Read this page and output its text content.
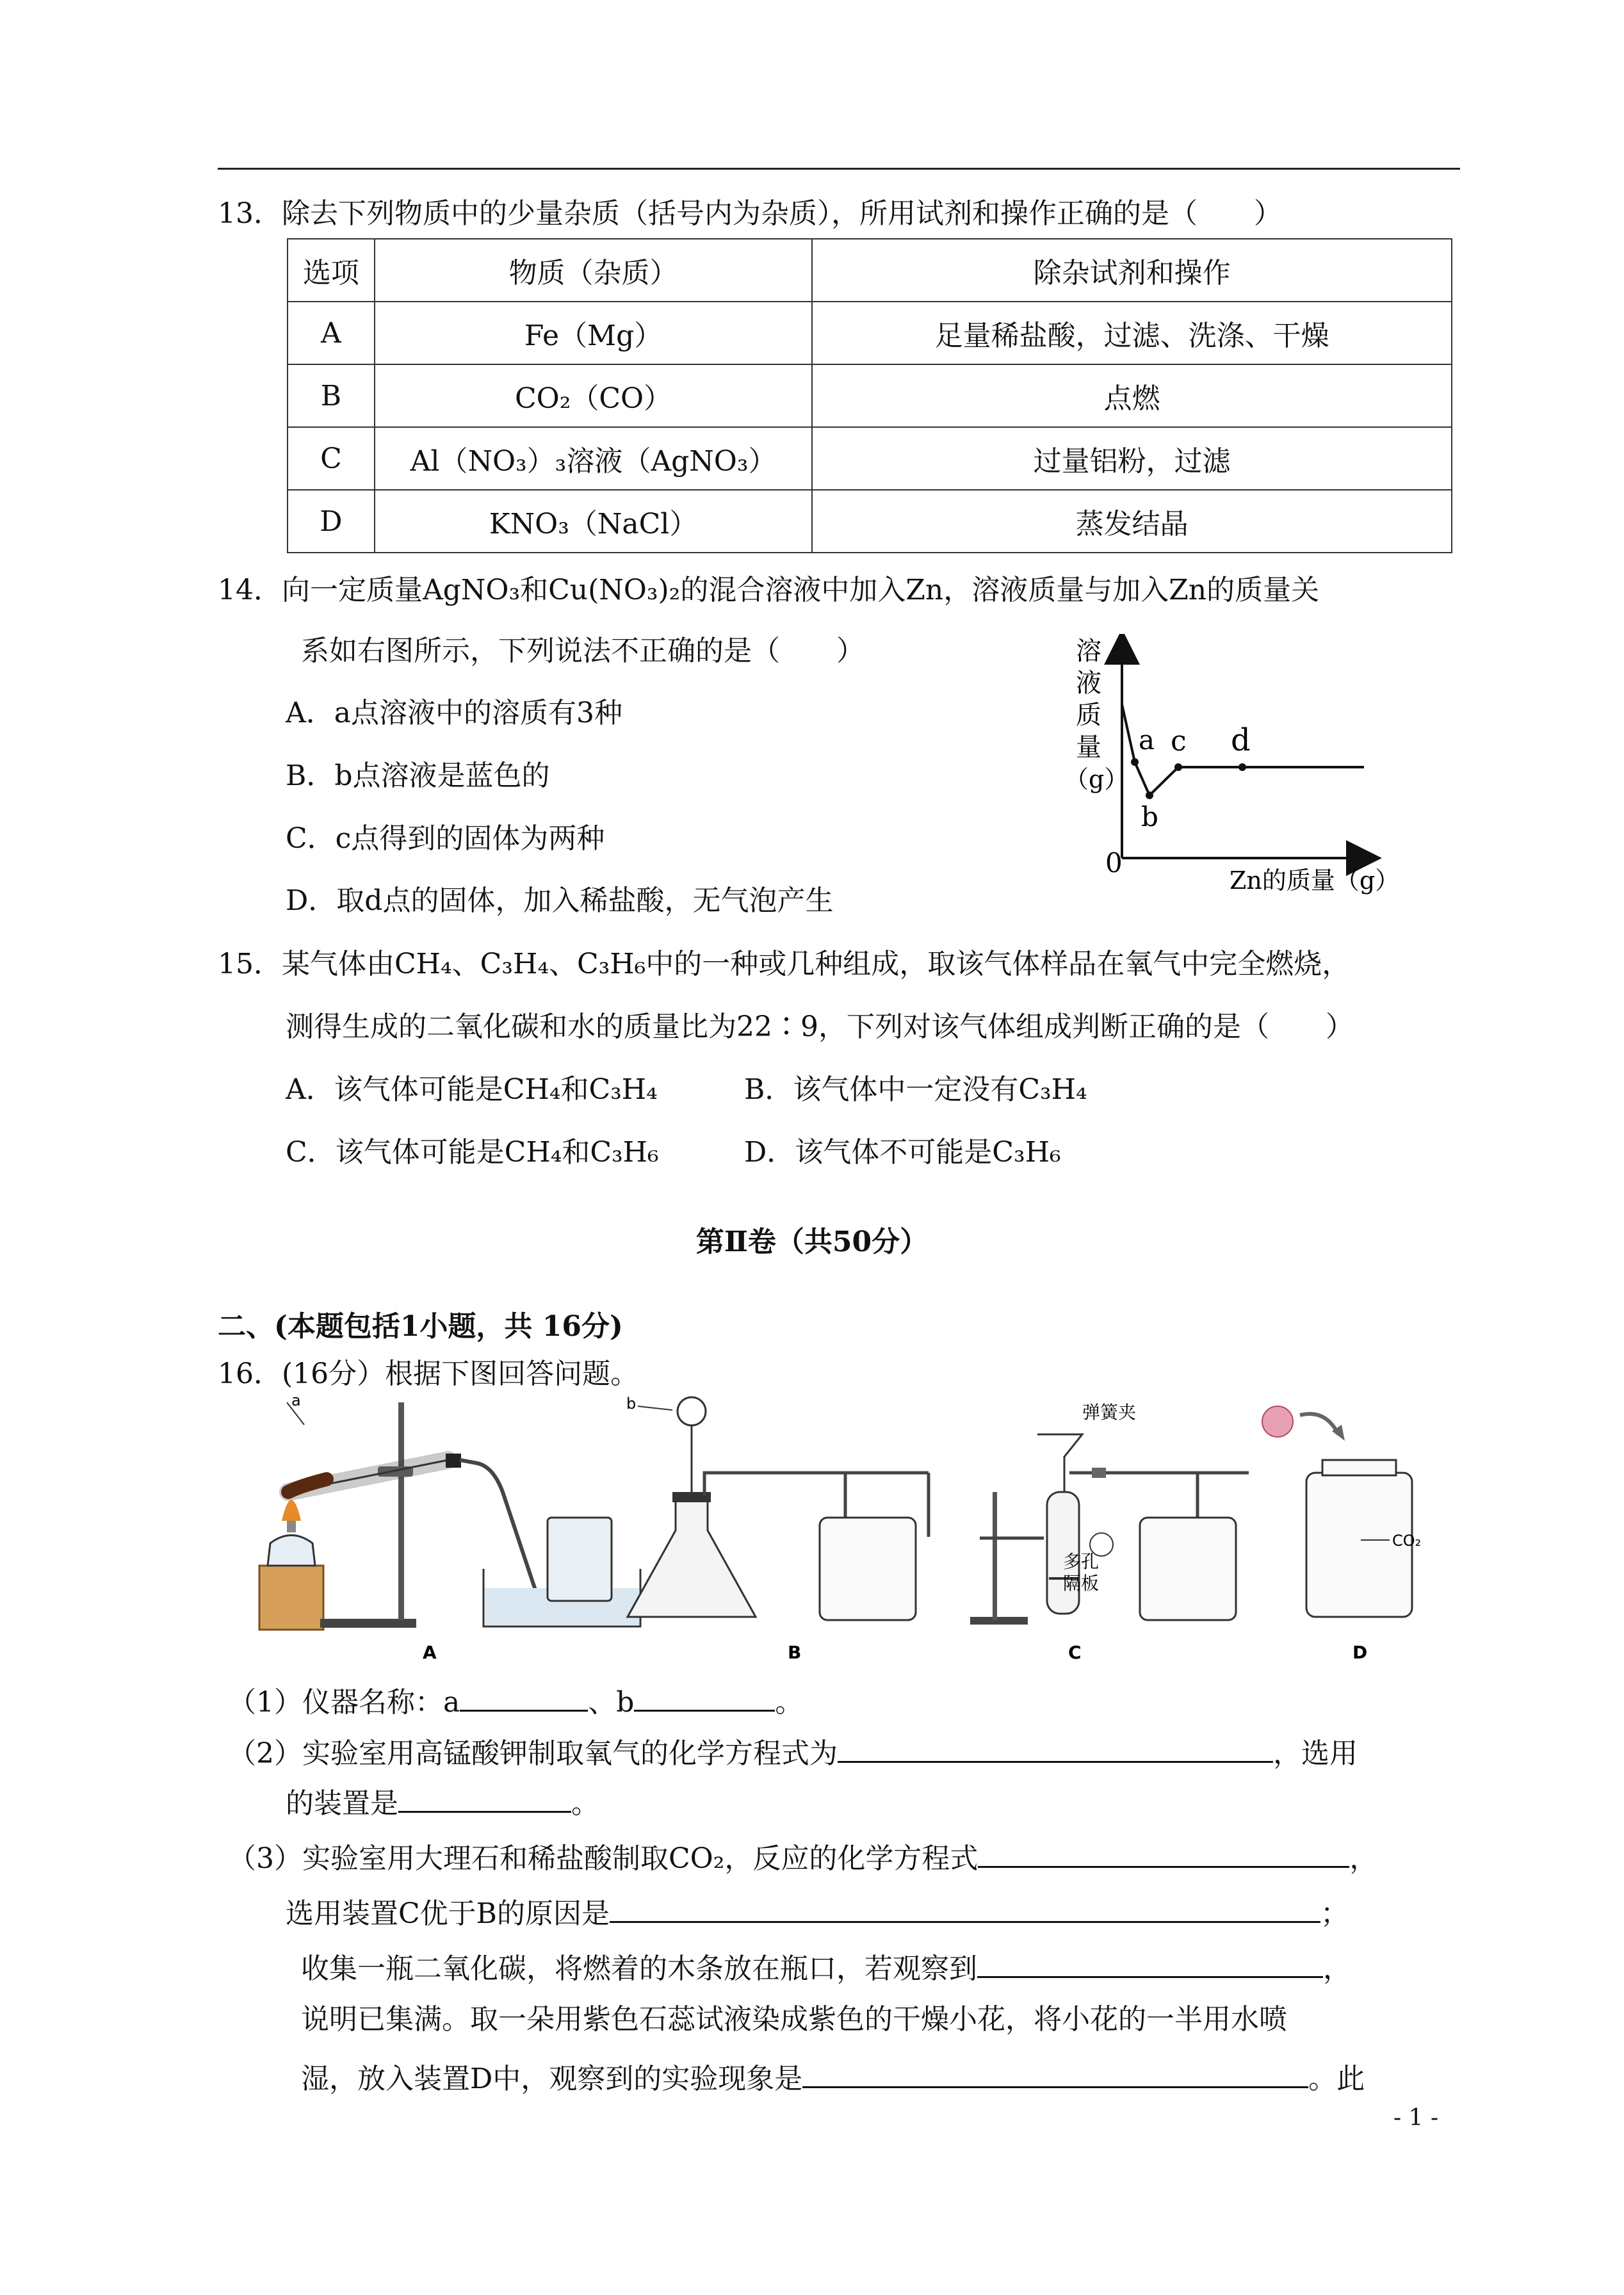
13．除去下列物质中的少量杂质（括号内为杂质），所用试剂和操作正确的是（　　）
选项	物质（杂质）	除杂试剂和操作
A	Fe（Mg）	足量稀盐酸，过滤、洗涤、干燥
B	CO₂（CO）	点燃
C	Al（NO₃）₃溶液（AgNO₃）	过量铝粉，过滤
D	KNO₃（NaCl）	蒸发结晶
14．向一定质量AgNO₃和Cu(NO₃)₂的混合溶液中加入Zn，溶液质量与加入Zn的质量关
系如右图所示，下列说法不正确的是（　　）
A．a点溶液中的溶质有3种
B．b点溶液是蓝色的
C．c点得到的固体为两种
D．取d点的固体，加入稀盐酸，无气泡产生
溶
液
质
量
（g）
0
a
b
c d
Zn的质量（g）
15．某气体由CH₄、C₃H₄、C₃H₆中的一种或几种组成，取该气体样品在氧气中完全燃烧，
测得生成的二氧化碳和水的质量比为22∶9，下列对该气体组成判断正确的是（　　）
A．该气体可能是CH₄和C₃H₄	B．该气体中一定没有C₃H₄
C．该气体可能是CH₄和C₃H₆	D．该气体不可能是C₃H₆
第Ⅱ卷（共50分）
二、(本题包括1小题，共 16分)
16．(16分）根据下图回答问题。
a	b	弹簧夹
多孔
隔板
CO₂
A	B	C	D
（1）仪器名称：a	、b	。
（2）实验室用高锰酸钾制取氧气的化学方程式为	，选用
的装置是	。
（3）实验室用大理石和稀盐酸制取CO₂，反应的化学方程式	，
选用装置C优于B的原因是	；
收集一瓶二氧化碳，将燃着的木条放在瓶口，若观察到	，
说明已集满。取一朵用紫色石蕊试液染成紫色的干燥小花，将小花的一半用水喷
湿，放入装置D中，观察到的实验现象是	。此
- 1 -
